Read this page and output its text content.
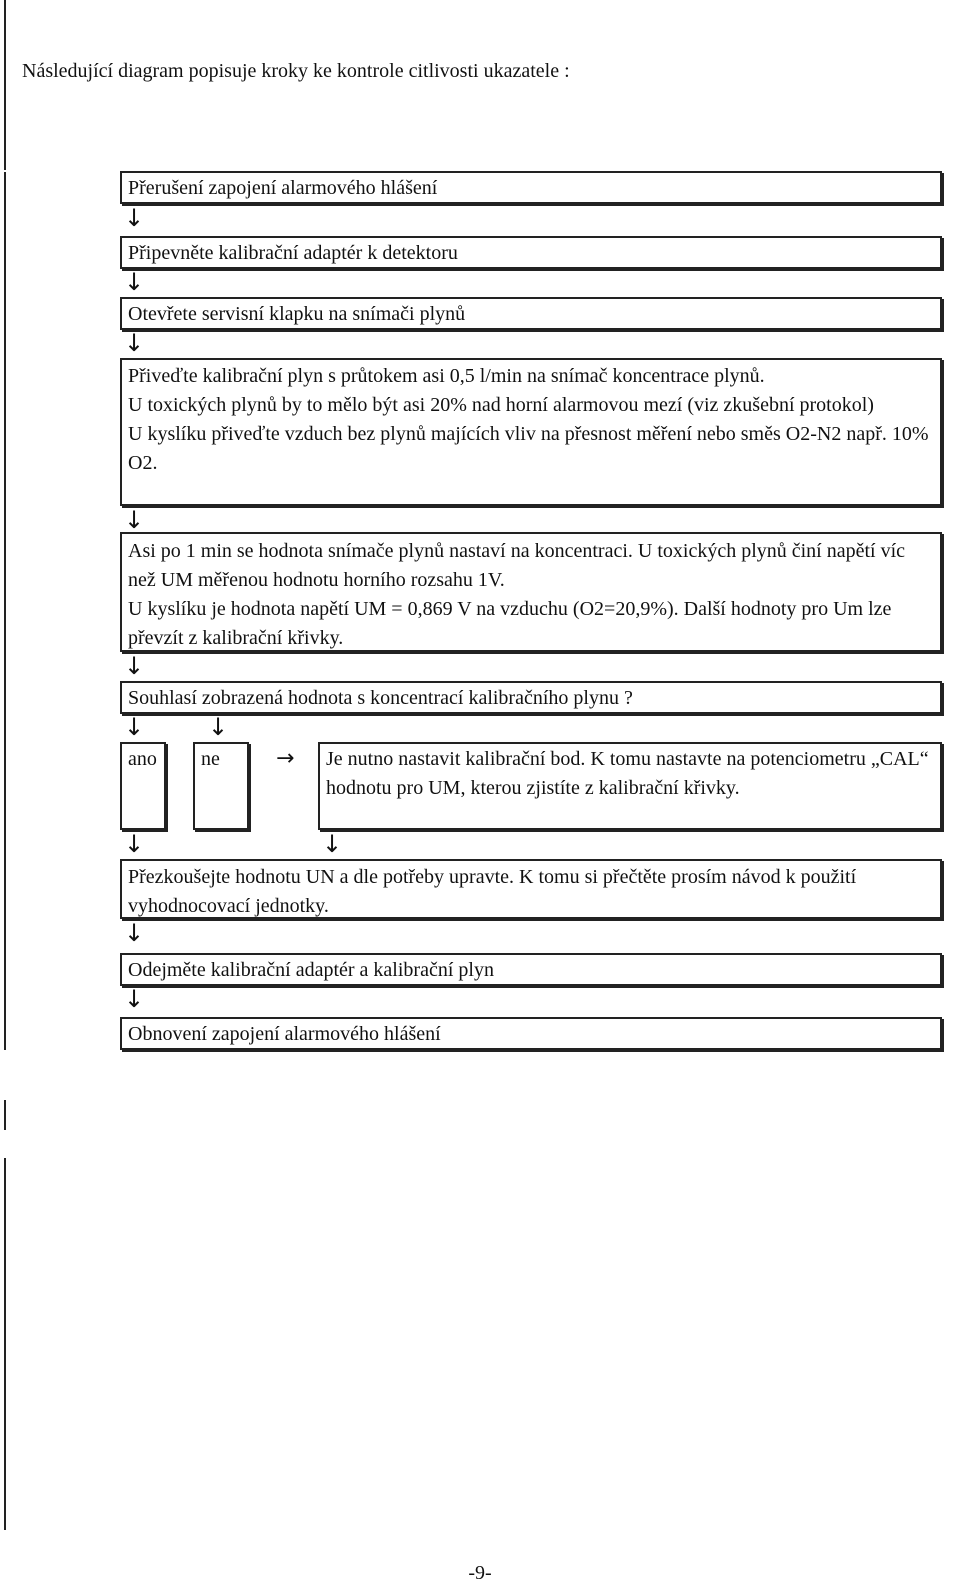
Následující diagram popisuje kroky ke kontrole citlivosti ukazatele :
Přerušení zapojení alarmového hlášení
↓
Připevněte kalibrační adaptér k detektoru
↓
Otevřete servisní klapku na snímači plynů
↓
Přiveďte kalibrační plyn s průtokem asi 0,5 l/min na snímač koncentrace plynů.
U toxických plynů by to mělo být asi 20% nad horní alarmovou mezí (viz zkušební protokol)
U kyslíku přiveďte vzduch bez plynů majících vliv na přesnost měření nebo směs O2-N2 např. 10% O2.
↓
Asi po 1 min se hodnota snímače plynů nastaví na koncentraci. U toxických plynů činí napětí víc než UM měřenou hodnotu horního rozsahu 1V.
U kyslíku je hodnota napětí UM = 0,869 V na vzduchu (O2=20,9%). Další hodnoty pro Um lze převzít z kalibrační křivky.
↓
Souhlasí zobrazená hodnota s koncentrací kalibračního plynu ?
↓	↓
ano	ne	→	Je nutno nastavit kalibrační bod. K tomu nastavte na potenciometru „CAL“ hodnotu pro UM, kterou zjistíte z kalibrační křivky.
↓	↓
Přezkoušejte hodnotu UN a dle potřeby upravte. K tomu si přečtěte prosím návod k použití vyhodnocovací jednotky.
↓
Odejměte kalibrační adaptér a kalibrační plyn
↓
Obnovení zapojení alarmového hlášení
-9-
